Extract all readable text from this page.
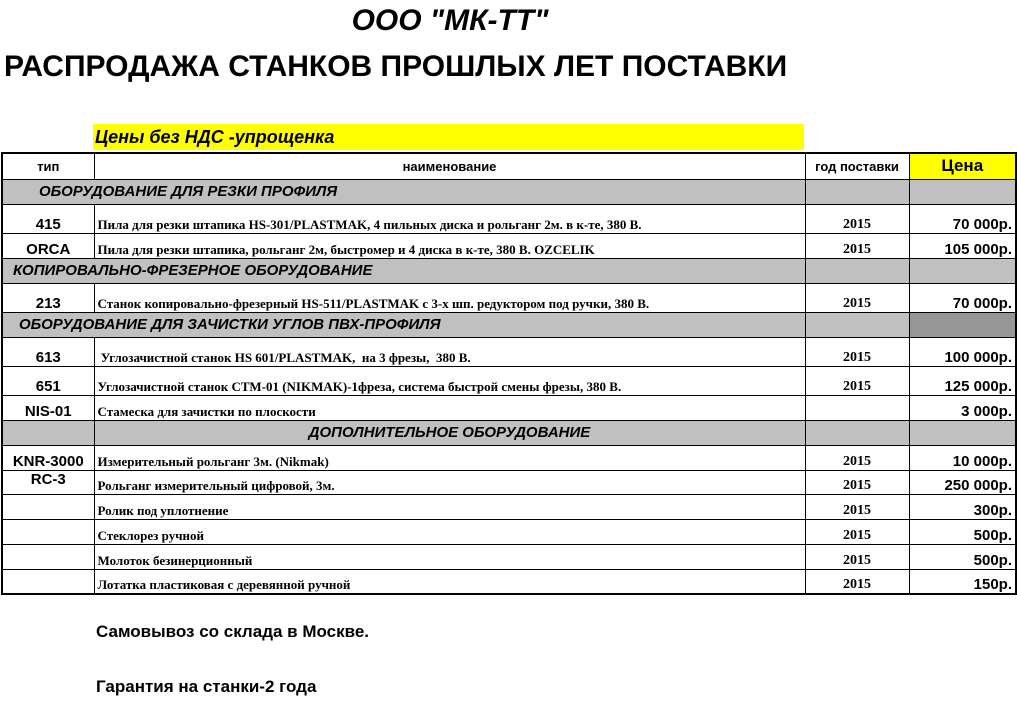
ООО "МК-ТТ"
РАСПРОДАЖА СТАНКОВ ПРОШЛЫХ ЛЕТ ПОСТАВКИ
Цены без НДС -упрощенка
тип	наименование	год поставки	Цена
ОБОРУДОВАНИЕ ДЛЯ РЕЗКИ ПРОФИЛЯ			
415	Пила для резки штапика HS-301/PLASTMAK, 4 пильных диска и рольганг 2м. в к-те, 380 В.	2015	70 000р.
ORCA	Пила для резки штапика, рольганг 2м, быстромер и 4 диска в к-те, 380 В. OZCELIK	2015	105 000р.
КОПИРОВАЛЬНО-ФРЕЗЕРНОЕ ОБОРУДОВАНИЕ			
213	Станок копировально-фрезерный HS-511/PLASTMAK с 3-х шп. редуктором под ручки, 380 В.	2015	70 000р.
ОБОРУДОВАНИЕ ДЛЯ ЗАЧИСТКИ УГЛОВ ПВХ-ПРОФИЛЯ			
613	Углозачистной станок HS 601/PLASTMAK,  на 3 фрезы,  380 В.	2015	100 000р.
651	Углозачистной станок СТМ-01 (NIKMAK)-1фреза, система быстрой смены фрезы, 380 В.	2015	125 000р.
NIS-01	Стамеска для зачистки по плоскости		3 000р.
	ДОПОЛНИТЕЛЬНОЕ ОБОРУДОВАНИЕ		
KNR-3000	Измерительный рольганг 3м. (Nikmak)	2015	10 000р.
RC-3	Рольганг измерительный цифровой, 3м.	2015	250 000р.
	Ролик под уплотнение	2015	300р.
	Стеклорез ручной	2015	500р.
	Молоток безинерционный	2015	500р.
	Лотатка пластиковая с деревянной ручной	2015	150р.
Самовывоз со склада в Москве.
Гарантия на станки-2 года
